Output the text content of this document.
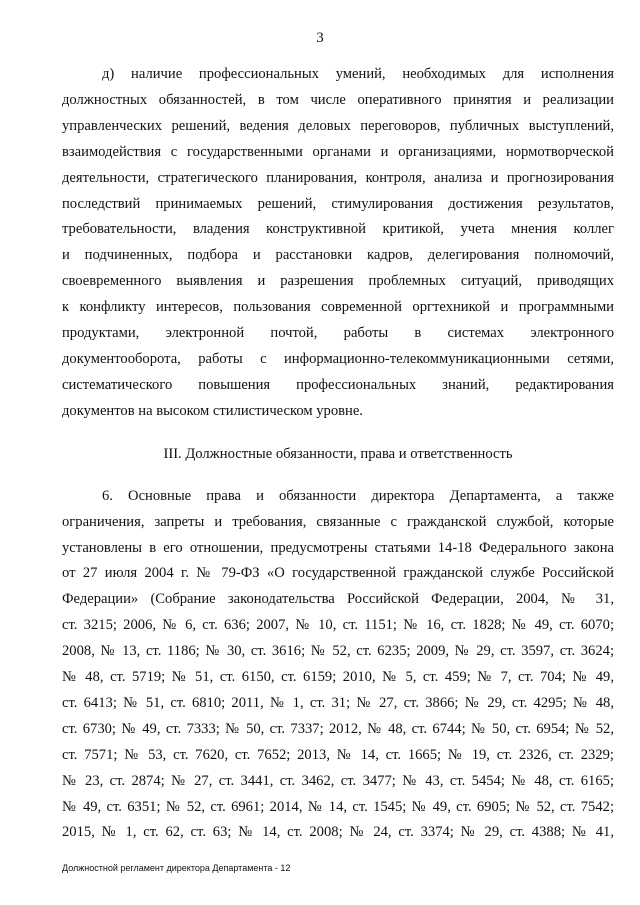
3

д) наличие профессиональных умений, необходимых для исполнения
должностных обязанностей, в том числе оперативного принятия и реализации
управленческих решений, ведения деловых переговоров, публичных выступлений,
взаимодействия с государственными органами и организациями, нормотворческой
деятельности, стратегического планирования, контроля, анализа и прогнозирования
последствий принимаемых решений, стимулирования достижения результатов,
требовательности, владения конструктивной критикой, учета мнения коллег
и подчиненных, подбора и расстановки кадров, делегирования полномочий,
своевременного выявления и разрешения проблемных ситуаций, приводящих
к конфликту интересов, пользования современной оргтехникой и программными
продуктами, электронной почтой, работы в системах электронного
документооборота, работы с информационно-телекоммуникационными сетями,
систематического повышения профессиональных знаний, редактирования
документов на высоком стилистическом уровне.

III. Должностные обязанности, права и ответственность

6. Основные права и обязанности директора Департамента, а также
ограничения, запреты и требования, связанные с гражданской службой, которые
установлены в его отношении, предусмотрены статьями 14-18 Федерального закона
от 27 июля 2004 г. № 79-ФЗ «О государственной гражданской службе Российской
Федерации» (Собрание законодательства Российской Федерации, 2004, № 31,
ст. 3215; 2006, № 6, ст. 636; 2007, № 10, ст. 1151; № 16, ст. 1828; № 49, ст. 6070;
2008, № 13, ст. 1186; № 30, ст. 3616; № 52, ст. 6235; 2009, № 29, ст. 3597, ст. 3624;
№ 48, ст. 5719; № 51, ст. 6150, ст. 6159; 2010, № 5, ст. 459; № 7, ст. 704; № 49,
ст. 6413; № 51, ст. 6810; 2011, № 1, ст. 31; № 27, ст. 3866; № 29, ст. 4295; № 48,
ст. 6730; № 49, ст. 7333; № 50, ст. 7337; 2012, № 48, ст. 6744; № 50, ст. 6954; № 52,
ст. 7571; № 53, ст. 7620, ст. 7652; 2013, № 14, ст. 1665; № 19, ст. 2326, ст. 2329;
№ 23, ст. 2874; № 27, ст. 3441, ст. 3462, ст. 3477; № 43, ст. 5454; № 48, ст. 6165;
№ 49, ст. 6351; № 52, ст. 6961; 2014, № 14, ст. 1545; № 49, ст. 6905; № 52, ст. 7542;
2015, № 1, ст. 62, ст. 63; № 14, ст. 2008; № 24, ст. 3374; № 29, ст. 4388; № 41,

Должностной регламент директора Департамента - 12
